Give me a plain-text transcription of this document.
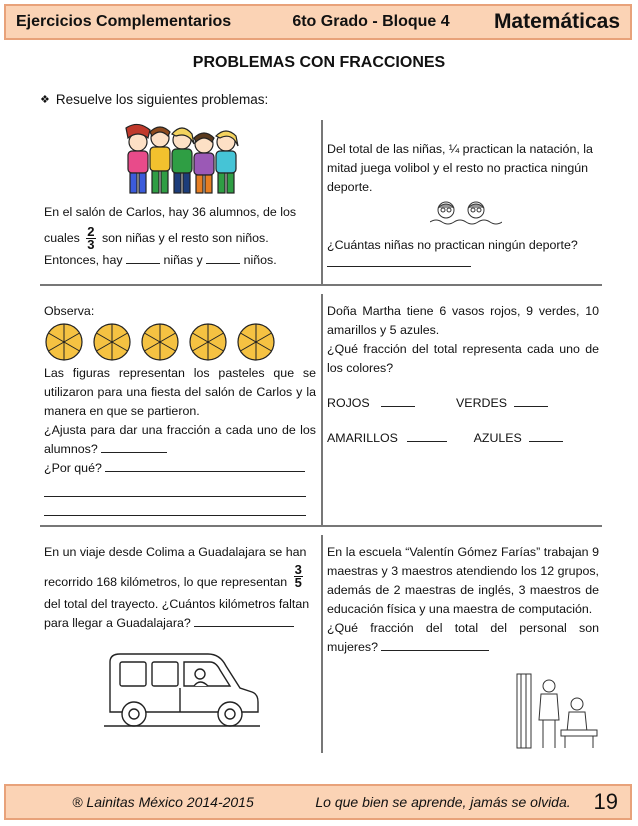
Ejercicios Complementarios	6to Grado - Bloque 4	Matemáticas
PROBLEMAS CON FRACCIONES
❖ Resuelve los siguientes problemas:
En el salón de Carlos, hay 36 alumnos, de los
cuales $\frac{2}{3}$ son niñas y el resto son niños.
Entonces, hay	niñas y	niños.
Del total de las niñas, ¼ practican la natación, la mitad juega volibol y el resto no practica ningún deporte.
¿Cuántas niñas no practican ningún deporte?
Observa:
Las figuras representan los pasteles que se utilizaron para una fiesta del salón de Carlos y la manera en que se partieron.
¿Ajusta para dar una fracción a cada uno de los alumnos?
¿Por qué?
Doña Martha tiene 6 vasos rojos, 9 verdes, 10 amarillos y 5 azules.
¿Qué fracción del total representa cada uno de los colores?
ROJOS	VERDES
AMARILLOS	AZULES
En un viaje desde Colima a Guadalajara se han
recorrido 168 kilómetros, lo que representan $\frac{3}{5}$
del total del trayecto. ¿Cuántos kilómetros faltan
para llegar a Guadalajara?
En la escuela “Valentín Gómez Farías” trabajan 9 maestras y 3 maestros atendiendo los 12 grupos, además de 2 maestras de inglés, 3 maestros de educación física y una maestra de computación.
¿Qué fracción del total del personal son mujeres?
® Lainitas México 2014-2015	Lo que bien se aprende, jamás se olvida.	19
